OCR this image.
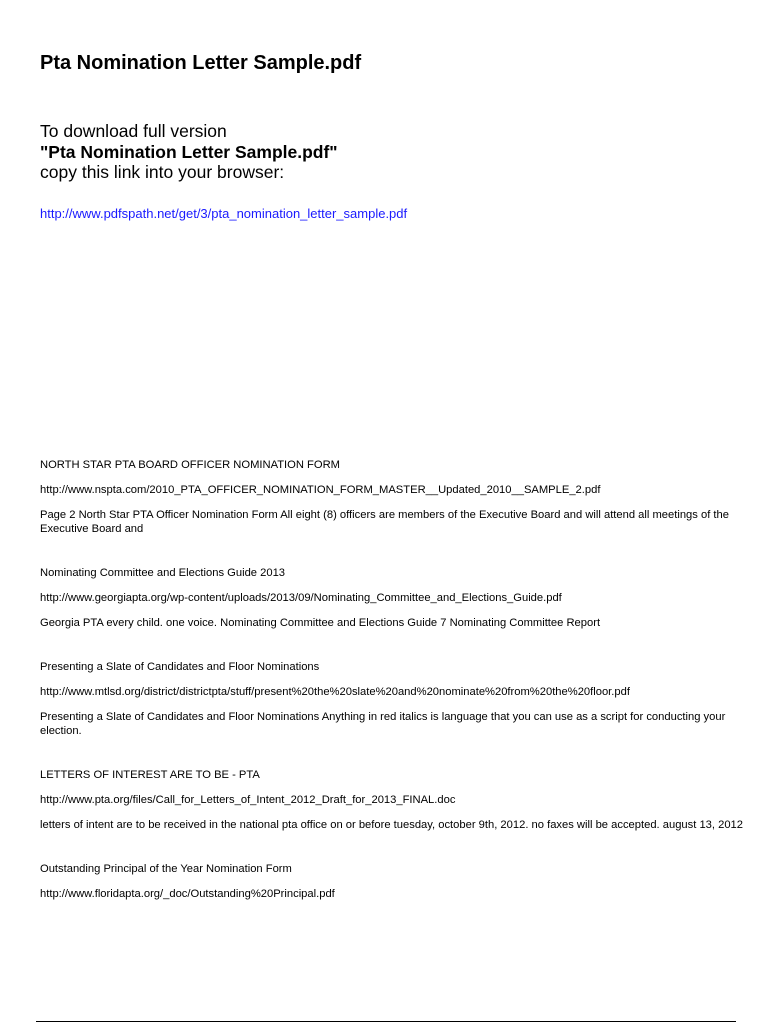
Pta Nomination Letter Sample.pdf
To download full version
"Pta Nomination Letter Sample.pdf"
copy this link into your browser:
http://www.pdfspath.net/get/3/pta_nomination_letter_sample.pdf
NORTH STAR PTA BOARD OFFICER NOMINATION FORM
http://www.nspta.com/2010_PTA_OFFICER_NOMINATION_FORM_MASTER__Updated_2010__SAMPLE_2.pdf
Page 2 North Star PTA Officer Nomination Form All eight (8) officers are members of the Executive Board and will attend all meetings of the Executive Board and
Nominating Committee and Elections Guide 2013
http://www.georgiapta.org/wp-content/uploads/2013/09/Nominating_Committee_and_Elections_Guide.pdf
Georgia PTA every child. one voice. Nominating Committee and Elections Guide 7 Nominating Committee Report
Presenting a Slate of Candidates and Floor Nominations
http://www.mtlsd.org/district/districtpta/stuff/present%20the%20slate%20and%20nominate%20from%20the%20floor.pdf
Presenting a Slate of Candidates and Floor Nominations Anything in red italics is language that you can use as a script for conducting your election.
LETTERS OF INTEREST ARE TO BE - PTA
http://www.pta.org/files/Call_for_Letters_of_Intent_2012_Draft_for_2013_FINAL.doc
letters of intent are to be received in the national pta office on or before tuesday, october 9th, 2012. no faxes will be accepted. august 13, 2012
Outstanding Principal of the Year Nomination Form
http://www.floridapta.org/_doc/Outstanding%20Principal.pdf
